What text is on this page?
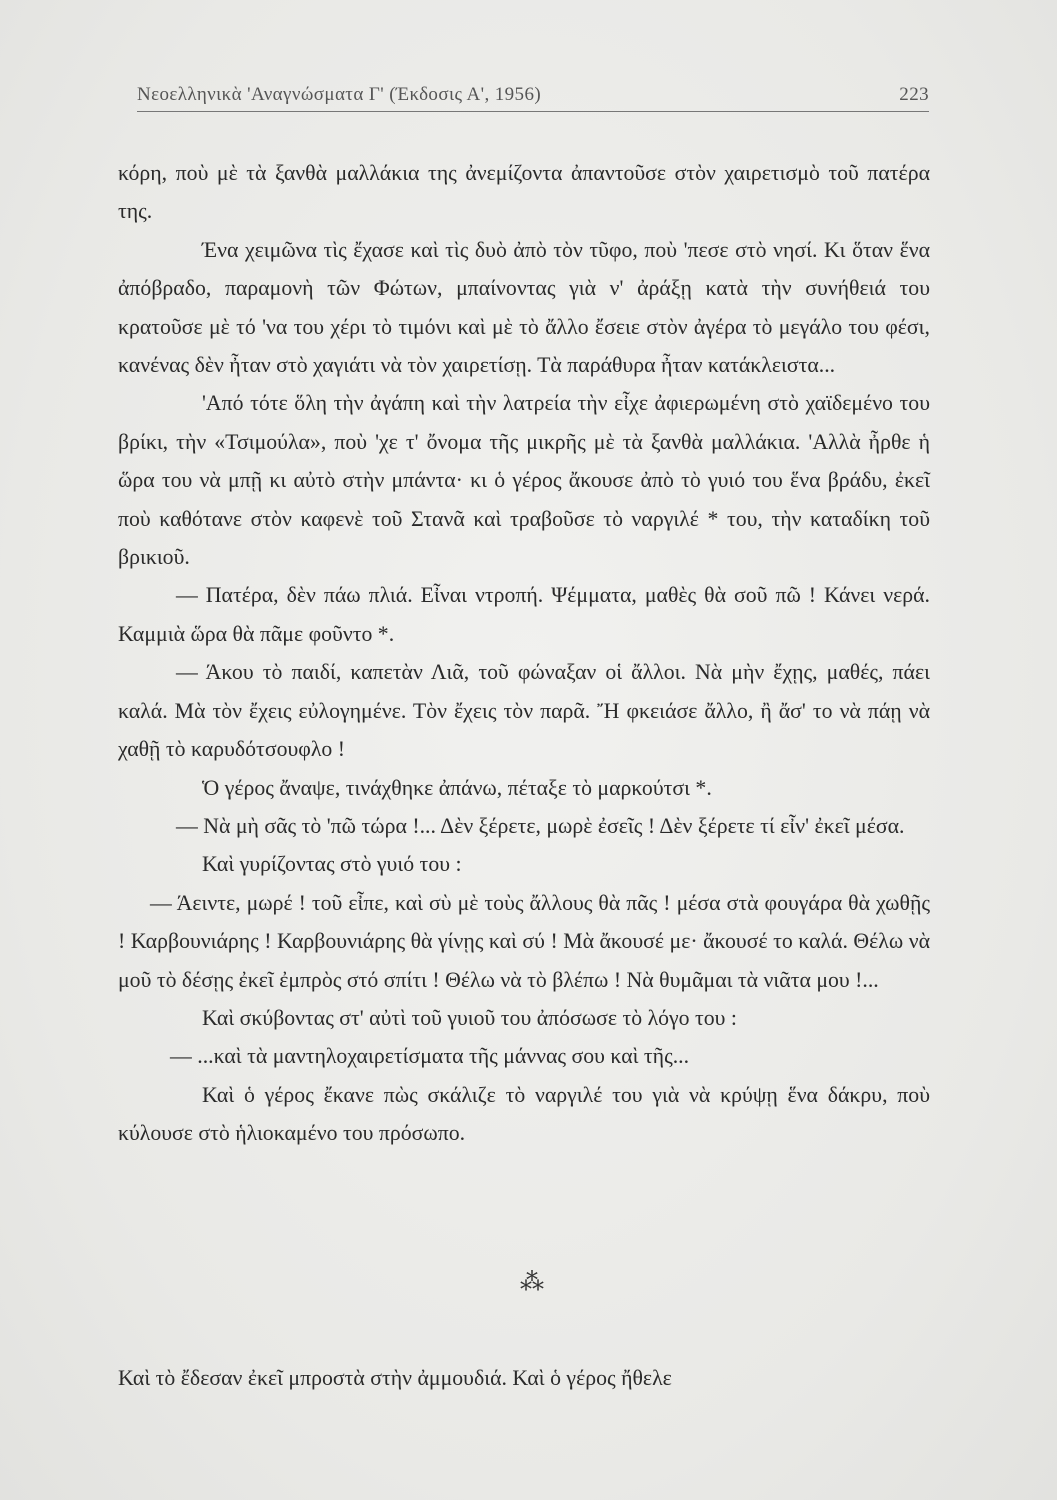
Νεοελληνικὰ 'Αναγνώσματα Γ' (Έκδοσις Α', 1956)	223

κόρη, ποὺ μὲ τὰ ξανθὰ μαλλάκια της ἀνεμίζοντα ἀπαντοῦσε στὸν χαιρετισμὸ τοῦ πατέρα της.

Ένα χειμῶνα τὶς ἔχασε καὶ τὶς δυὸ ἀπὸ τὸν τῦφο, ποὺ 'πεσε στὸ νησί. Κι ὅταν ἕνα ἀπόβραδο, παραμονὴ τῶν Φώτων, μπαίνοντας γιὰ ν' ἀράξῃ κατὰ τὴν συνήθειά του κρατοῦσε μὲ τό 'να του χέρι τὸ τιμόνι καὶ μὲ τὸ ἄλλο ἔσειε στὸν ἀγέρα τὸ μεγάλο του φέσι, κανένας δὲν ἦταν στὸ χαγιάτι νὰ τὸν χαιρετίσῃ. Τὰ παράθυρα ἦταν κατάκλειστα...

'Από τότε ὅλη τὴν ἀγάπη καὶ τὴν λατρεία τὴν εἶχε ἀφιερωμένη στὸ χαϊδεμένο του βρίκι, τὴν «Τσιμούλα», ποὺ 'χε τ' ὄνομα τῆς μικρῆς μὲ τὰ ξανθὰ μαλλάκια. 'Αλλὰ ἦρθε ἡ ὥρα του νὰ μπῇ κι αὐτὸ στὴν μπάντα· κι ὁ γέρος ἄκουσε ἀπὸ τὸ γυιό του ἕνα βράδυ, ἐκεῖ ποὺ καθότανε στὸν καφενὲ τοῦ Στανᾶ καὶ τραβοῦσε τὸ ναργιλέ * του, τὴν καταδίκη τοῦ βρικιοῦ.

— Πατέρα, δὲν πάω πλιά. Εἶναι ντροπή. Ψέμματα, μαθὲς θὰ σοῦ πῶ ! Κάνει νερά. Καμμιὰ ὥρα θὰ πᾶμε φοῦντο *.

— Άκου τὸ παιδί, καπετὰν Λιᾶ, τοῦ φώναξαν οἱ ἄλλοι. Νὰ μὴν ἔχῃς, μαθές, πάει καλά. Μὰ τὸν ἔχεις εὐλογημένε. Τὸν ἔχεις τὸν παρᾶ. Ἤ φκειάσε ἄλλο, ἢ ἄσ' το νὰ πάῃ νὰ χαθῇ τὸ καρυδότσουφλο !

Ὁ γέρος ἄναψε, τινάχθηκε ἀπάνω, πέταξε τὸ μαρκούτσι *.

— Νὰ μὴ σᾶς τὸ 'πῶ τώρα !... Δὲν ξέρετε, μωρὲ ἐσεῖς ! Δὲν ξέρετε τί εἶν' ἐκεῖ μέσα.

Καὶ γυρίζοντας στὸ γυιό του :

— Άειντε, μωρέ ! τοῦ εἶπε, καὶ σὺ μὲ τοὺς ἄλλους θὰ πᾶς ! μέσα στὰ φουγάρα θὰ χωθῇς ! Καρβουνιάρης ! Καρβουνιάρης θὰ γίνῃς καὶ σύ ! Μὰ ἄκουσέ με· ἄκουσέ το καλά. Θέλω νὰ μοῦ τὸ δέσῃς ἐκεῖ ἐμπρὸς στό σπίτι ! Θέλω νὰ τὸ βλέπω ! Νὰ θυμᾶμαι τὰ νιᾶτα μου !...

Καὶ σκύβοντας στ' αὐτὶ τοῦ γυιοῦ του ἀπόσωσε τὸ λόγο του :

— ...καὶ τὰ μαντηλοχαιρετίσματα τῆς μάννας σου καὶ τῆς...

Καὶ ὁ γέρος ἔκανε πὼς σκάλιζε τὸ ναργιλέ του γιὰ νὰ κρύψῃ ἕνα δάκρυ, ποὺ κύλουσε στὸ ἡλιοκαμένο του πρόσωπο.

⁂
Καὶ τὸ ἔδεσαν ἐκεῖ μπροστὰ στὴν ἀμμουδιά. Καὶ ὁ γέρος ἤθελε
